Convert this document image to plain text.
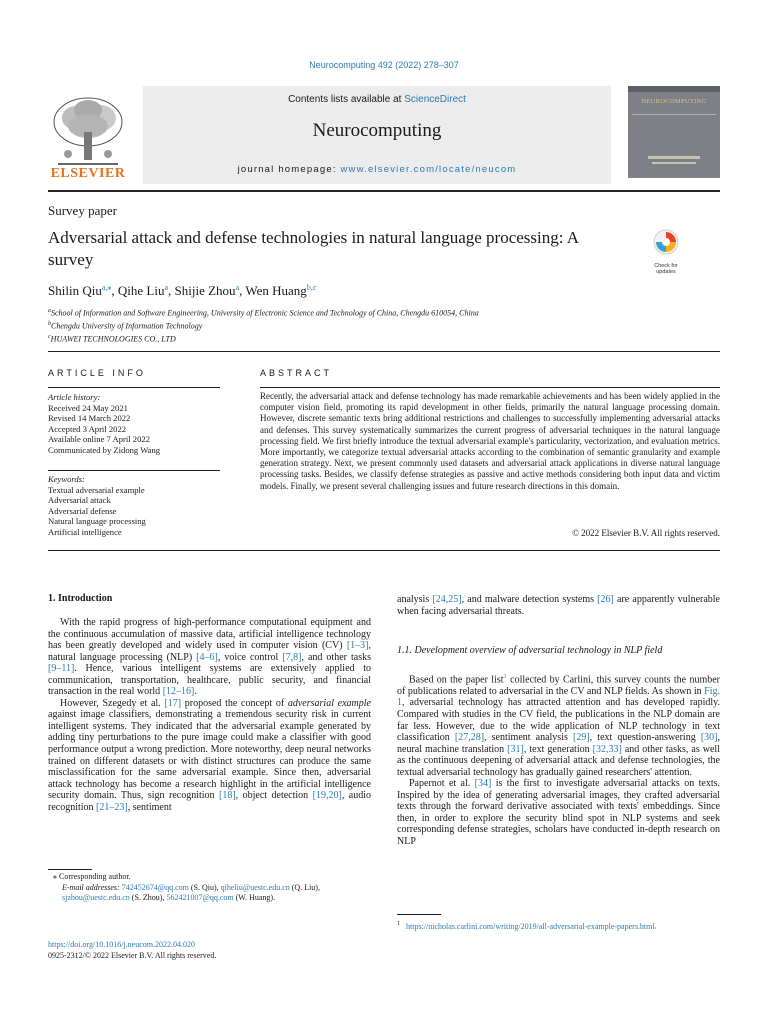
Neurocomputing 492 (2022) 278–307
ELSEVIER
Contents lists available at ScienceDirect
Neurocomputing
journal homepage: www.elsevier.com/locate/neucom
NEUROCOMPUTING
Survey paper
Adversarial attack and defense technologies in natural language processing: A survey	Check for updates
Shilin Qiu$^{a,⁎}$, Qihe Liu$^a$, Shijie Zhou$^a$, Wen Huang$^{b,c}$
$^a$School of Information and Software Engineering, University of Electronic Science and Technology of China, Chengdu 610054, China
$^b$Chengdu University of Information Technology
$^c$HUAWEI TECHNOLOGIES CO., LTD
ARTICLE INFO
Article history:
Received 24 May 2021
Revised 14 March 2022
Accepted 3 April 2022
Available online 7 April 2022
Communicated by Zidong Wang
Keywords:
Textual adversarial example
Adversarial attack
Adversarial defense
Natural language processing
Artificial intelligence
ABSTRACT
Recently, the adversarial attack and defense technology has made remarkable achievements and has been widely applied in the computer vision field, promoting its rapid development in other fields, primarily the natural language processing domain. However, discrete semantic texts bring additional restrictions and challenges to successfully implementing adversarial attacks and defenses. This survey systematically summarizes the current progress of adversarial techniques in the natural language processing field. We first briefly introduce the textual adversarial example's particularity, vectorization, and evaluation metrics. More importantly, we categorize textual adversarial attacks according to the combination of semantic granularity and example generation strategy. Next, we present commonly used datasets and adversarial attack applications in diverse natural language processing tasks. Besides, we classify defense strategies as passive and active methods considering both input data and victim models. Finally, we present several challenging issues and future research directions in this domain.
© 2022 Elsevier B.V. All rights reserved.
1. Introduction

With the rapid progress of high-performance computational equipment and the continuous accumulation of massive data, artificial intelligence technology has been greatly developed and widely used in computer vision (CV) [1–3], natural language processing (NLP) [4–6], voice control [7,8], and other tasks [9–11]. Hence, various intelligent systems are extensively applied to communication, transportation, healthcare, public security, and financial transaction in the real world [12–16].

However, Szegedy et al. [17] proposed the concept of adversarial example against image classifiers, demonstrating a tremendous security risk in current intelligent systems. They indicated that the adversarial example generated by adding tiny perturbations to the pure image could make a classifier with good performance output a wrong prediction. More noteworthy, deep neural networks trained on different datasets or with distinct structures can produce the same misclassification for the same adversarial example. Since then, adversarial attack technology has become a research highlight in the artificial intelligence security domain. Thus, sign recognition [18], object detection [19,20], audio recognition [21–23], sentiment

analysis [24,25], and malware detection systems [26] are apparently vulnerable when facing adversarial threats.

1.1. Development overview of adversarial technology in NLP field

Based on the paper list$^1$ collected by Carlini, this survey counts the number of publications related to adversarial in the CV and NLP fields. As shown in Fig. 1, adversarial technology has attracted attention and has developed rapidly. Compared with studies in the CV field, the publications in the NLP domain are far less. However, due to the wide application of NLP technology in text classification [27,28], sentiment analysis [29], text question-answering [30], neural machine translation [31], text generation [32,33] and other tasks, as well as the continuous deepening of adversarial attack and defense technologies, the textual adversarial technology has gradually gained researchers' attention.

Papernot et al. [34] is the first to investigate adversarial attacks on texts. Inspired by the idea of generating adversarial images, they crafted adversarial texts through the forward derivative associated with texts' embeddings. Since then, in order to explore the security blind spot in NLP systems and seek corresponding defense strategies, scholars have conducted in-depth research on NLP

⁎ Corresponding author.
E-mail addresses: 742452674@qq.com (S. Qiu), qiheliu@uestc.edu.cn (Q. Liu), sjzhou@uestc.edu.cn (S. Zhou), 562421007@qq.com (W. Huang).
$^1$ https://nicholas.carlini.com/writing/2019/all-adversarial-example-papers.html.
https://doi.org/10.1016/j.neucom.2022.04.020
0925-2312/© 2022 Elsevier B.V. All rights reserved.
